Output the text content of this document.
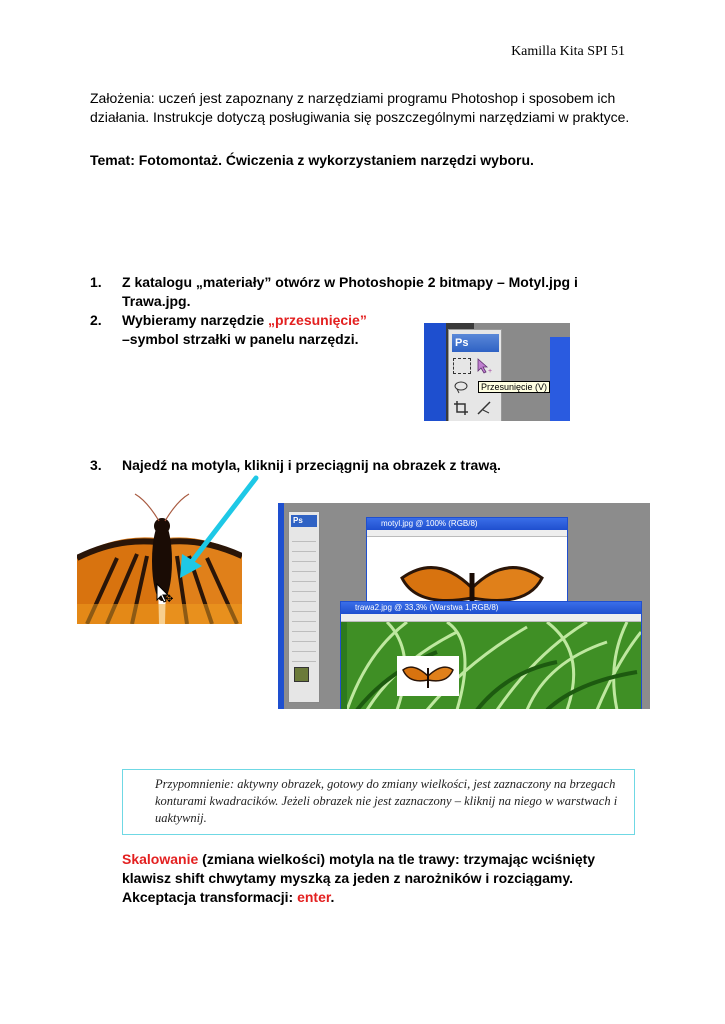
Kamilla Kita SPI 51
Założenia: uczeń jest zapoznany z narzędziami programu Photoshop i sposobem ich działania. Instrukcje dotyczą posługiwania się poszczególnymi narzędziami w praktyce.
Temat: Fotomontaż. Ćwiczenia z wykorzystaniem narzędzi wyboru.
1. Z katalogu „materiały” otwórz w Photoshopie 2 bitmapy – Motyl.jpg i Trawa.jpg.
2. Wybieramy narzędzie „przesunięcie”
–symbol strzałki w panelu narzędzi.	Ps
+
Przesunięcie (V)
3. Najedź na motyla, kliknij i przeciągnij na obrazek z trawą.
✥
Ps	motyl.jpg @ 100% (RGB/8)
trawa2.jpg @ 33,3% (Warstwa 1,RGB/8)
Przypomnienie: aktywny obrazek, gotowy do zmiany wielkości, jest zaznaczony na brzegach konturami kwadracików. Jeżeli obrazek nie jest zaznaczony – kliknij na niego w warstwach i uaktywnij.
Skalowanie (zmiana wielkości) motyla na tle trawy: trzymając wciśnięty klawisz shift chwytamy myszką za jeden z narożników i rozciągamy. Akceptacja transformacji: enter.
